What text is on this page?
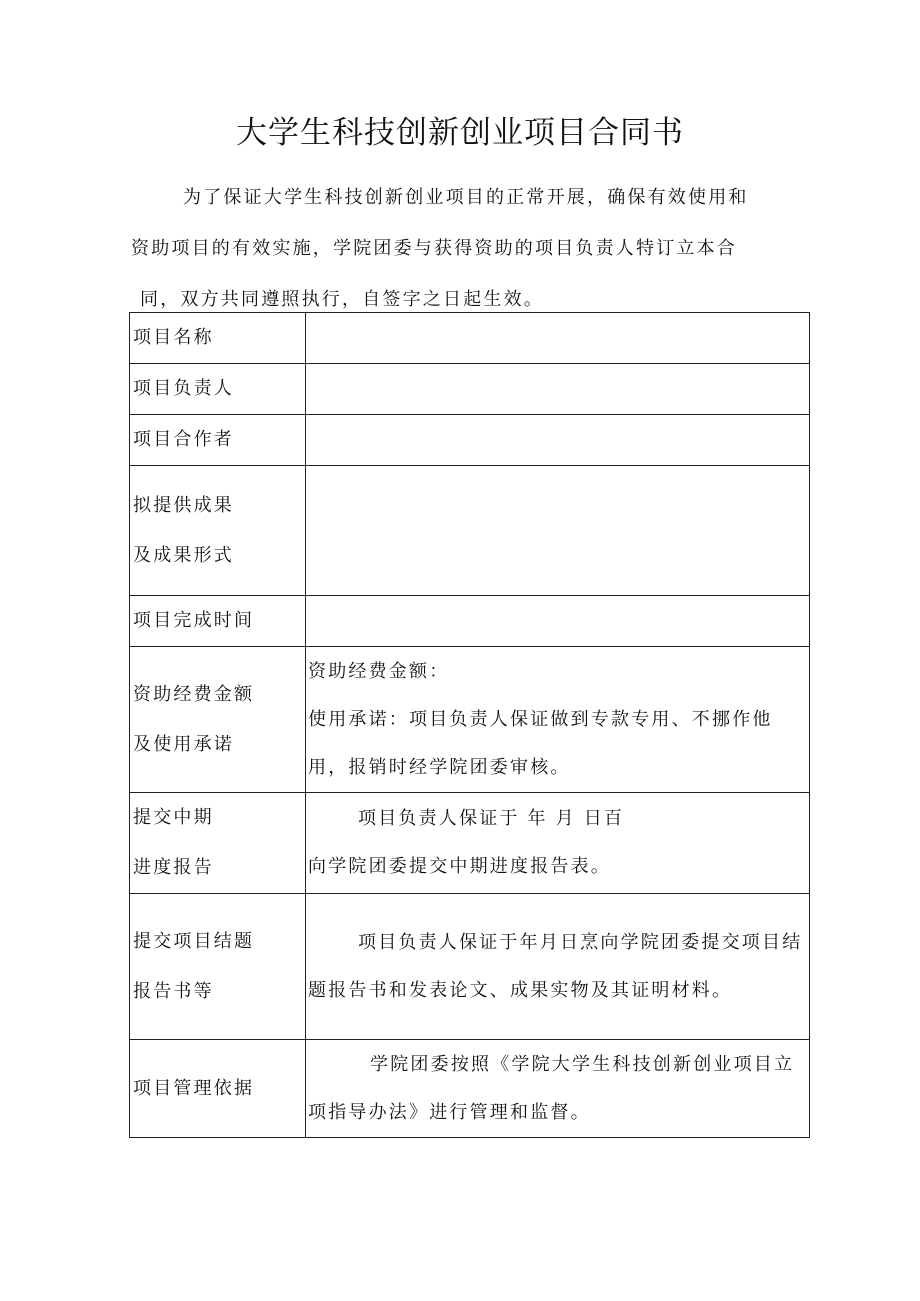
大学生科技创新创业项目合同书
为了保证大学生科技创新创业项目的正常开展，确保有效使用和
资助项目的有效实施，学院团委与获得资助的项目负责人特订立本合
同，双方共同遵照执行，自签字之日起生效。
项目名称	

项目负责人	

项目合作者	

拟提供成果
及成果形式	

项目完成时间	

资助经费金额
及使用承诺	资助经费金额：
使用承诺：项目负责人保证做到专款专用、不挪作他
用，报销时经学院团委审核。

提交中期
进度报告	项目负责人保证于 年 月 日百
向学院团委提交中期进度报告表。

提交项目结题
报告书等	项目负责人保证于年月日烹向学院团委提交项目结
题报告书和发表论文、成果实物及其证明材料。

项目管理依据	学院团委按照《学院大学生科技创新创业项目立
项指导办法》进行管理和监督。
